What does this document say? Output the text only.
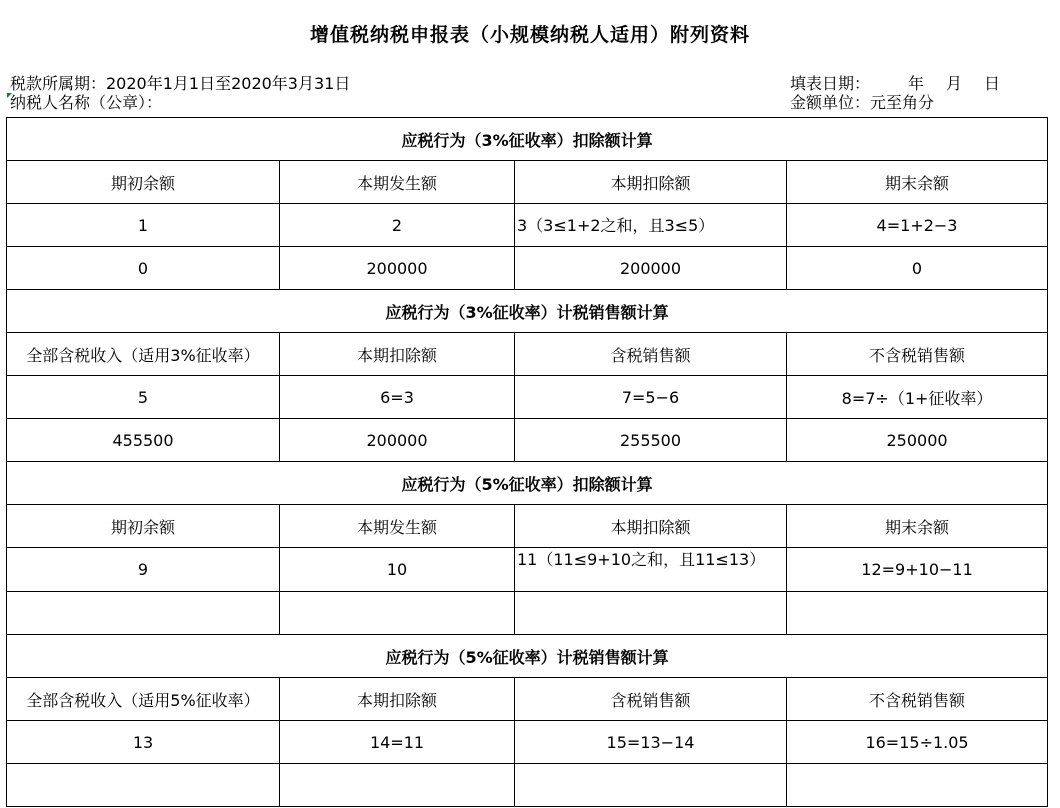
增值税纳税申报表（小规模纳税人适用）附列资料
税款所属期：2020年1月1日至2020年3月31日
纳税人名称（公章）：
填表日期： 年 月 日
金额单位：元至角分
应税行为（3%征收率）扣除额计算			
期初余额	本期发生额	本期扣除额	期末余额
1	2	3（3≤1+2之和，且3≤5）	4=1+2−3
0	200000	200000	0
应税行为（3%征收率）计税销售额计算			
全部含税收入（适用3%征收率）	本期扣除额	含税销售额	不含税销售额
5	6=3	7=5−6	8=7÷（1+征收率）
455500	200000	255500	250000
应税行为（5%征收率）扣除额计算			
期初余额	本期发生额	本期扣除额	期末余额
9	10	11（11≤9+10之和，且11≤13）	12=9+10−11

应税行为（5%征收率）计税销售额计算			
全部含税收入（适用5%征收率）	本期扣除额	含税销售额	不含税销售额
13	14=11	15=13−14	16=15÷1.05
